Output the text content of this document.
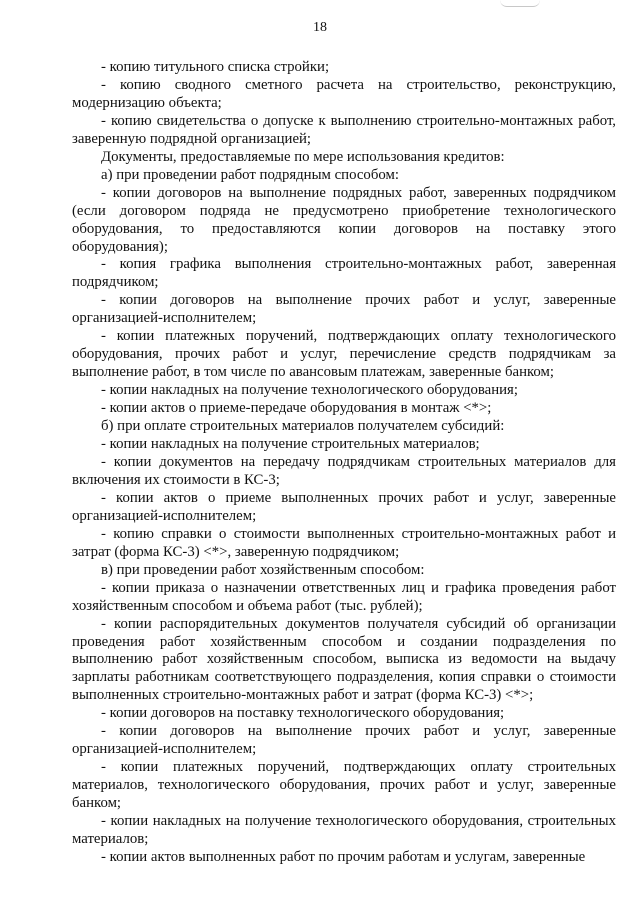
18

- копию титульного списка стройки;

- копию сводного сметного расчета на строительство, реконструкцию, модернизацию объекта;

- копию свидетельства о допуске к выполнению строительно-монтажных работ, заверенную подрядной организацией;

Документы, предоставляемые по мере использования кредитов:

а) при проведении работ подрядным способом:

- копии договоров на выполнение подрядных работ, заверенных подрядчиком (если договором подряда не предусмотрено приобретение технологического оборудования, то предоставляются копии договоров на поставку этого оборудования);

- копия графика выполнения строительно-монтажных работ, заверенная подрядчиком;

- копии договоров на выполнение прочих работ и услуг, заверенные организацией-исполнителем;

- копии платежных поручений, подтверждающих оплату технологического оборудования, прочих работ и услуг, перечисление средств подрядчикам за выполнение работ, в том числе по авансовым платежам, заверенные банком;

- копии накладных на получение технологического оборудования;

- копии актов о приеме-передаче оборудования в монтаж <*>;

б) при оплате строительных материалов получателем субсидий:

- копии накладных на получение строительных материалов;

- копии документов на передачу подрядчикам строительных материалов для включения их стоимости в КС-3;

- копии актов о приеме выполненных прочих работ и услуг, заверенные организацией-исполнителем;

- копию справки о стоимости выполненных строительно-монтажных работ и затрат (форма КС-3) <*>, заверенную подрядчиком;

в) при проведении работ хозяйственным способом:

- копии приказа о назначении ответственных лиц и графика проведения работ хозяйственным способом и объема работ (тыс. рублей);

- копии распорядительных документов получателя субсидий об организации проведения работ хозяйственным способом и создании подразделения по выполнению работ хозяйственным способом, выписка из ведомости на выдачу зарплаты работникам соответствующего подразделения, копия справки о стоимости выполненных строительно-монтажных работ и затрат (форма КС-3) <*>;

- копии договоров на поставку технологического оборудования;

- копии договоров на выполнение прочих работ и услуг, заверенные организацией-исполнителем;

- копии платежных поручений, подтверждающих оплату строительных материалов, технологического оборудования, прочих работ и услуг, заверенные банком;

- копии накладных на получение технологического оборудования, строительных материалов;

- копии актов выполненных работ по прочим работам и услугам, заверенные
